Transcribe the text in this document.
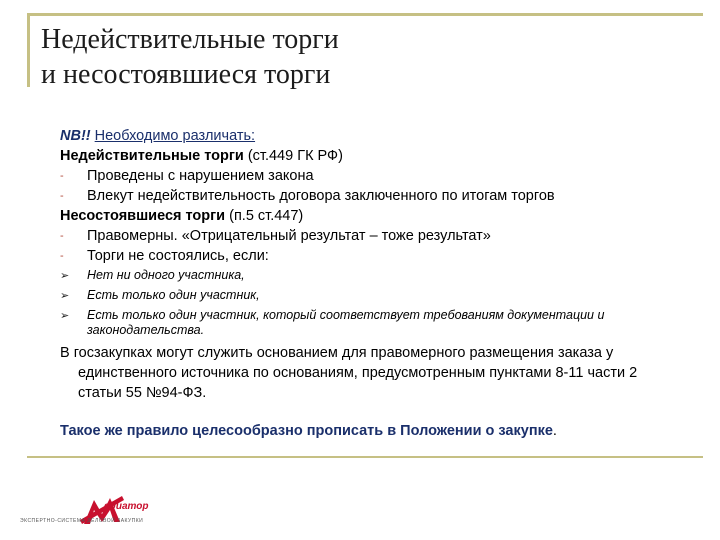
Недействительные торги
и несостоявшиеся торги

NB!! Необходимо различать:

Недействительные торги (ст.449 ГК РФ)

- Проведены с нарушением закона

- Влекут недействительность договора заключенного по итогам торгов

Несостоявшиеся торги (п.5 ст.447)

- Правомерны. «Отрицательный результат – тоже результат»

- Торги не состоялись, если:

➢ Нет ни одного участника,
➢ Есть только один участник,
➢ Есть только один участник, который соответствует требованиям документации и законодательства.

В госзакупках могут служить основанием для правомерного размещения заказа у единственного источника по основаниям, предусмотренным пунктами 8-11 части 2 статьи 55 №94-ФЗ.

Такое же правило целесообразно прописать в Положении о закупке.

едиатор
ЭКСПЕРТНО-СИСТЕМА ДЕЛОВОЙ ЗАКУПКИ
